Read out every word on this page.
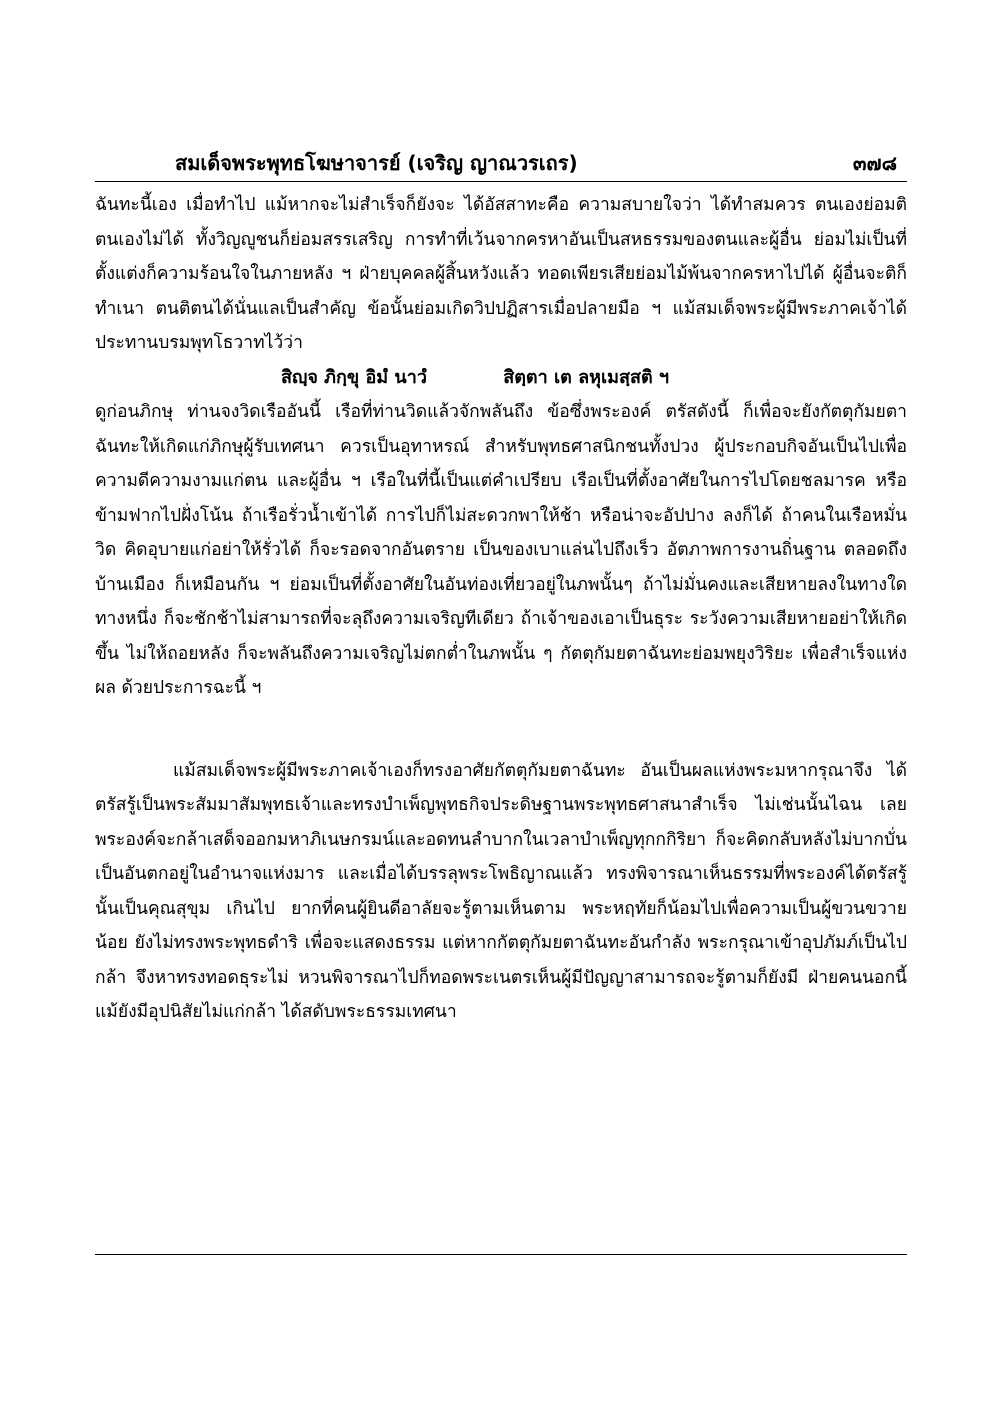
สมเด็จพระพุทธโฆษาจารย์ (เจริญ ญาณวรเถร)	๓๗๘

ฉันทะนี้เอง เมื่อทำไป แม้หากจะไม่สำเร็จก็ยังจะ ได้อัสสาทะคือ ความสบายใจว่า ได้ทำสมควร ตนเองย่อมติตนเองไม่ได้ ทั้งวิญญูชนก็ย่อมสรรเสริญ การทำที่เว้นจากครหาอันเป็นสหธรรมของตนและผู้อื่น ย่อมไม่เป็นที่ตั้งแต่งก็ความร้อนใจในภายหลัง ฯ ฝ่ายบุคคลผู้สิ้นหวังแล้ว ทอดเพียรเสียย่อมไม้พ้นจากครหาไปได้ ผู้อื่นจะติก็ทำเนา ตนติตนได้นั่นแลเป็นสำคัญ ข้อนั้นย่อมเกิดวิปปฏิสารเมื่อปลายมือ ฯ แม้สมเด็จพระผู้มีพระภาคเจ้าได้ประทานบรมพุทโธวาทไว้ว่า

สิญฺจ ภิกฺขุ อิมํ นาวํ	สิตฺตา เต ลหุเมสฺสติ ฯ

ดูก่อนภิกษุ ท่านจงวิดเรืออันนี้ เรือที่ท่านวิดแล้วจักพลันถึง ข้อซึ่งพระองค์ ตรัสดังนี้ ก็เพื่อจะยังกัตตุกัมยตาฉันทะให้เกิดแก่ภิกษุผู้รับเทศนา ควรเป็นอุทาหรณ์ สำหรับพุทธศาสนิกชนทั้งปวง ผู้ประกอบกิจอันเป็นไปเพื่อความดีความงามแก่ตน และผู้อื่น ฯ เรือในที่นี้เป็นแต่คำเปรียบ เรือเป็นที่ตั้งอาศัยในการไปโดยชลมารค หรือ ข้ามฟากไปฝั่งโน้น ถ้าเรือรั่วน้ำเข้าได้ การไปก็ไม่สะดวกพาให้ช้า หรือน่าจะอัปปาง ลงก็ได้ ถ้าคนในเรือหมั่นวิด คิดอุบายแก่อย่าให้รั่วได้ ก็จะรอดจากอันตราย เป็นของเบาแล่นไปถึงเร็ว อัตภาพการงานถิ่นฐาน ตลอดถึงบ้านเมือง ก็เหมือนกัน ฯ ย่อมเป็นที่ตั้งอาศัยในอันท่องเที่ยวอยู่ในภพนั้นๆ ถ้าไม่มั่นคงและเสียหายลงในทางใดทางหนึ่ง ก็จะชักช้าไม่สามารถที่จะลุถึงความเจริญทีเดียว ถ้าเจ้าของเอาเป็นธุระ ระวังความเสียหายอย่าให้เกิดขึ้น ไม่ให้ถอยหลัง ก็จะพลันถึงความเจริญไม่ตกต่ำในภพนั้น ๆ กัตตุกัมยตาฉันทะย่อมพยุงวิริยะ เพื่อสำเร็จแห่งผล ด้วยประการฉะนี้ ฯ

แม้สมเด็จพระผู้มีพระภาคเจ้าเองก็ทรงอาศัยกัตตุกัมยตาฉันทะ อันเป็นผลแห่งพระมหากรุณาจึง ได้ตรัสรู้เป็นพระสัมมาสัมพุทธเจ้าและทรงบำเพ็ญพุทธกิจประดิษฐานพระพุทธศาสนาสำเร็จ ไม่เช่นนั้นไฉน เลยพระองค์จะกล้าเสด็จออกมหาภิเนษกรมน์และอดทนลำบากในเวลาบำเพ็ญทุกกกิริยา ก็จะคิดกลับหลังไม่บากบั่น เป็นอันตกอยู่ในอำนาจแห่งมาร และเมื่อได้บรรลุพระโพธิญาณแล้ว ทรงพิจารณาเห็นธรรมที่พระองค์ได้ตรัสรู้นั้นเป็นคุณสุขุม เกินไป ยากที่คนผู้ยินดีอาลัยจะรู้ตามเห็นตาม พระหฤทัยก็น้อมไปเพื่อความเป็นผู้ขวนขวายน้อย ยังไม่ทรงพระพุทธดำริ เพื่อจะแสดงธรรม แต่หากกัตตุกัมยตาฉันทะอันกำลัง พระกรุณาเข้าอุปภัมภ์เป็นไปกล้า จึงหาทรงทอดธุระไม่ หวนพิจารณาไปก็ทอดพระเนตรเห็นผู้มีปัญญาสามารถจะรู้ตามก็ยังมี ฝ่ายคนนอกนี้แม้ยังมีอุปนิสัยไม่แก่กล้า ได้สดับพระธรรมเทศนา
